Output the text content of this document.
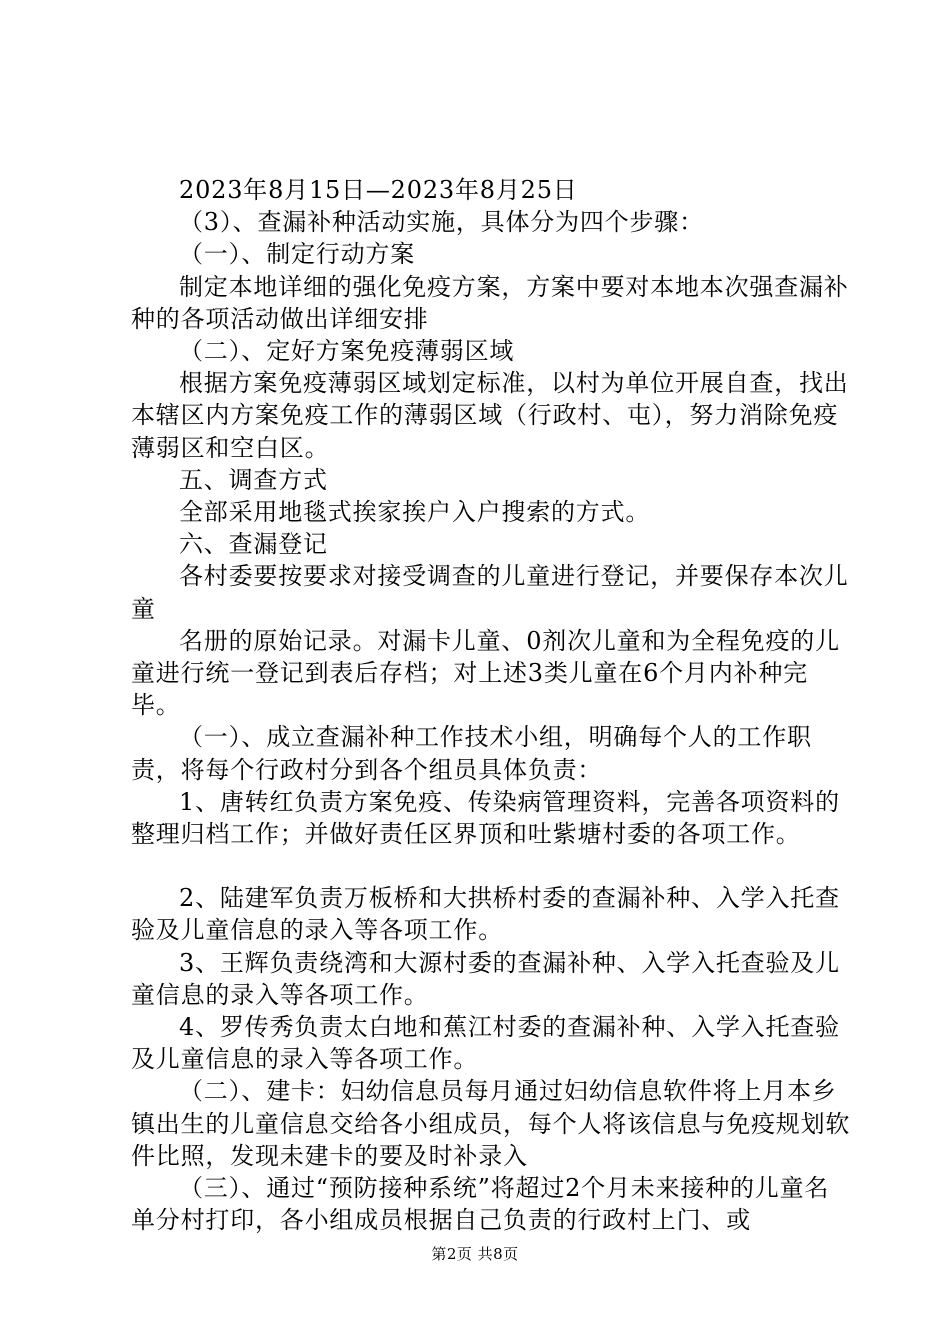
2023年8月15日—2023年8月25日

（3）、查漏补种活动实施，具体分为四个步骤：

（一）、制定行动方案

制定本地详细的强化免疫方案，方案中要对本地本次强查漏补种的各项活动做出详细安排

（二）、定好方案免疫薄弱区域

根据方案免疫薄弱区域划定标准，以村为单位开展自查，找出本辖区内方案免疫工作的薄弱区域（行政村、屯），努力消除免疫薄弱区和空白区。

五、调查方式

全部采用地毯式挨家挨户入户搜索的方式。

六、查漏登记

各村委要按要求对接受调查的儿童进行登记，并要保存本次儿童

名册的原始记录。对漏卡儿童、0剂次儿童和为全程免疫的儿童进行统一登记到表后存档；对上述3类儿童在6个月内补种完毕。

（一）、成立查漏补种工作技术小组，明确每个人的工作职责，将每个行政村分到各个组员具体负责：

1、唐转红负责方案免疫、传染病管理资料，完善各项资料的整理归档工作；并做好责任区界顶和吐紫塘村委的各项工作。

2、陆建军负责万板桥和大拱桥村委的查漏补种、入学入托查验及儿童信息的录入等各项工作。

3、王辉负责绕湾和大源村委的查漏补种、入学入托查验及儿童信息的录入等各项工作。

4、罗传秀负责太白地和蕉江村委的查漏补种、入学入托查验及儿童信息的录入等各项工作。

（二）、建卡：妇幼信息员每月通过妇幼信息软件将上月本乡镇出生的儿童信息交给各小组成员，每个人将该信息与免疫规划软件比照，发现未建卡的要及时补录入

（三）、通过“预防接种系统”将超过2个月未来接种的儿童名单分村打印，各小组成员根据自己负责的行政村上门、或

第2页 共8页
